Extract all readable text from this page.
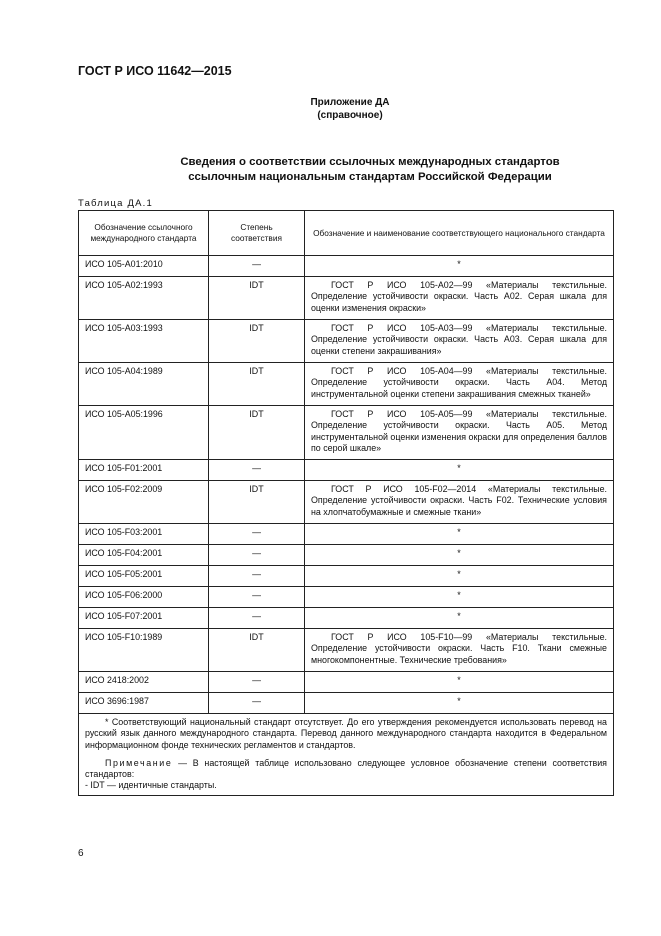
ГОСТ Р ИСО 11642—2015
Приложение ДА
(справочное)
Сведения о соответствии ссылочных международных стандартов
ссылочным национальным стандартам Российской Федерации
Таблица ДА.1
Обозначение ссылочного международного стандарта	Степень соответствия	Обозначение и наименование соответствующего национального стандарта
ИСО 105-A01:2010	—	*
ИСО 105-A02:1993	IDT	ГОСТ Р ИСО 105-А02—99 «Материалы текстильные. Определение устойчивости окраски. Часть А02. Серая шкала для оценки изменения окраски»
ИСО 105-A03:1993	IDT	ГОСТ Р ИСО 105-А03—99 «Материалы текстильные. Определение устойчивости окраски. Часть А03. Серая шкала для оценки степени закрашивания»
ИСО 105-A04:1989	IDT	ГОСТ Р ИСО 105-А04—99 «Материалы текстильные. Определение устойчивости окраски. Часть А04. Метод инструментальной оценки степени закрашивания смежных тканей»
ИСО 105-A05:1996	IDT	ГОСТ Р ИСО 105-А05—99 «Материалы текстильные. Определение устойчивости окраски. Часть А05. Метод инструментальной оценки изменения окраски для определения баллов по серой шкале»
ИСО 105-F01:2001	—	*
ИСО 105-F02:2009	IDT	ГОСТ Р ИСО 105-F02—2014 «Материалы текстильные. Определение устойчивости окраски. Часть F02. Технические условия на хлопчатобумажные и смежные ткани»
ИСО 105-F03:2001	—	*
ИСО 105-F04:2001	—	*
ИСО 105-F05:2001	—	*
ИСО 105-F06:2000	—	*
ИСО 105-F07:2001	—	*
ИСО 105-F10:1989	IDT	ГОСТ Р ИСО 105-F10—99 «Материалы текстильные. Определение устойчивости окраски. Часть F10. Ткани смежные многокомпонентные. Технические требования»
ИСО 2418:2002	—	*
ИСО 3696:1987	—	*

* Соответствующий национальный стандарт отсутствует. До его утверждения рекомендуется использовать перевод на русский язык данного международного стандарта. Перевод данного международного стандарта находится в Федеральном информационном фонде технических регламентов и стандартов.

Примечание — В настоящей таблице использовано следующее условное обозначение степени соответствия стандартов:

- IDT — идентичные стандарты.		
6
